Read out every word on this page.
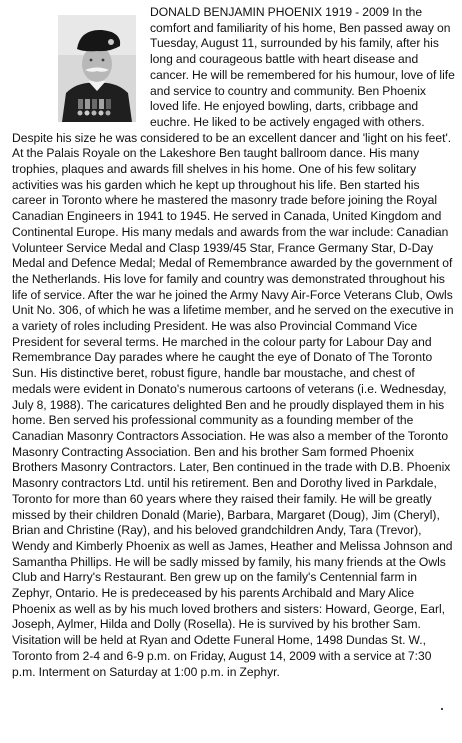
DONALD BENJAMIN PHOENIX 1919 - 2009 In the comfort and familiarity of his home, Ben passed away on Tuesday, August 11, surrounded by his family, after his long and courageous battle with heart disease and cancer. He will be remembered for his humour, love of life and service to country and community. Ben Phoenix loved life. He enjoyed bowling, darts, cribbage and euchre. He liked to be actively engaged with others. Despite his size he was considered to be an excellent dancer and 'light on his feet'. At the Palais Royale on the Lakeshore Ben taught ballroom dance. His many trophies, plaques and awards fill shelves in his home. One of his few solitary activities was his garden which he kept up throughout his life. Ben started his career in Toronto where he mastered the masonry trade before joining the Royal Canadian Engineers in 1941 to 1945. He served in Canada, United Kingdom and Continental Europe. His many medals and awards from the war include: Canadian Volunteer Service Medal and Clasp 1939/45 Star, France Germany Star, D-Day Medal and Defence Medal; Medal of Remembrance awarded by the government of the Netherlands. His love for family and country was demonstrated throughout his life of service. After the war he joined the Army Navy Air-Force Veterans Club, Owls Unit No. 306, of which he was a lifetime member, and he served on the executive in a variety of roles including President. He was also Provincial Command Vice President for several terms. He marched in the colour party for Labour Day and Remembrance Day parades where he caught the eye of Donato of The Toronto Sun. His distinctive beret, robust figure, handle bar moustache, and chest of medals were evident in Donato's numerous cartoons of veterans (i.e. Wednesday, July 8, 1988). The caricatures delighted Ben and he proudly displayed them in his home. Ben served his professional community as a founding member of the Canadian Masonry Contractors Association. He was also a member of the Toronto Masonry Contracting Association. Ben and his brother Sam formed Phoenix Brothers Masonry Contractors. Later, Ben continued in the trade with D.B. Phoenix Masonry contractors Ltd. until his retirement. Ben and Dorothy lived in Parkdale, Toronto for more than 60 years where they raised their family. He will be greatly missed by their children Donald (Marie), Barbara, Margaret (Doug), Jim (Cheryl), Brian and Christine (Ray), and his beloved grandchildren Andy, Tara (Trevor), Wendy and Kimberly Phoenix as well as James, Heather and Melissa Johnson and Samantha Phillips. He will be sadly missed by family, his many friends at the Owls Club and Harry's Restaurant. Ben grew up on the family's Centennial farm in Zephyr, Ontario. He is predeceased by his parents Archibald and Mary Alice Phoenix as well as by his much loved brothers and sisters: Howard, George, Earl, Joseph, Aylmer, Hilda and Dolly (Rosella). He is survived by his brother Sam. Visitation will be held at Ryan and Odette Funeral Home, 1498 Dundas St. W., Toronto from 2-4 and 6-9 p.m. on Friday, August 14, 2009 with a service at 7:30 p.m. Interment on Saturday at 1:00 p.m. in Zephyr.
